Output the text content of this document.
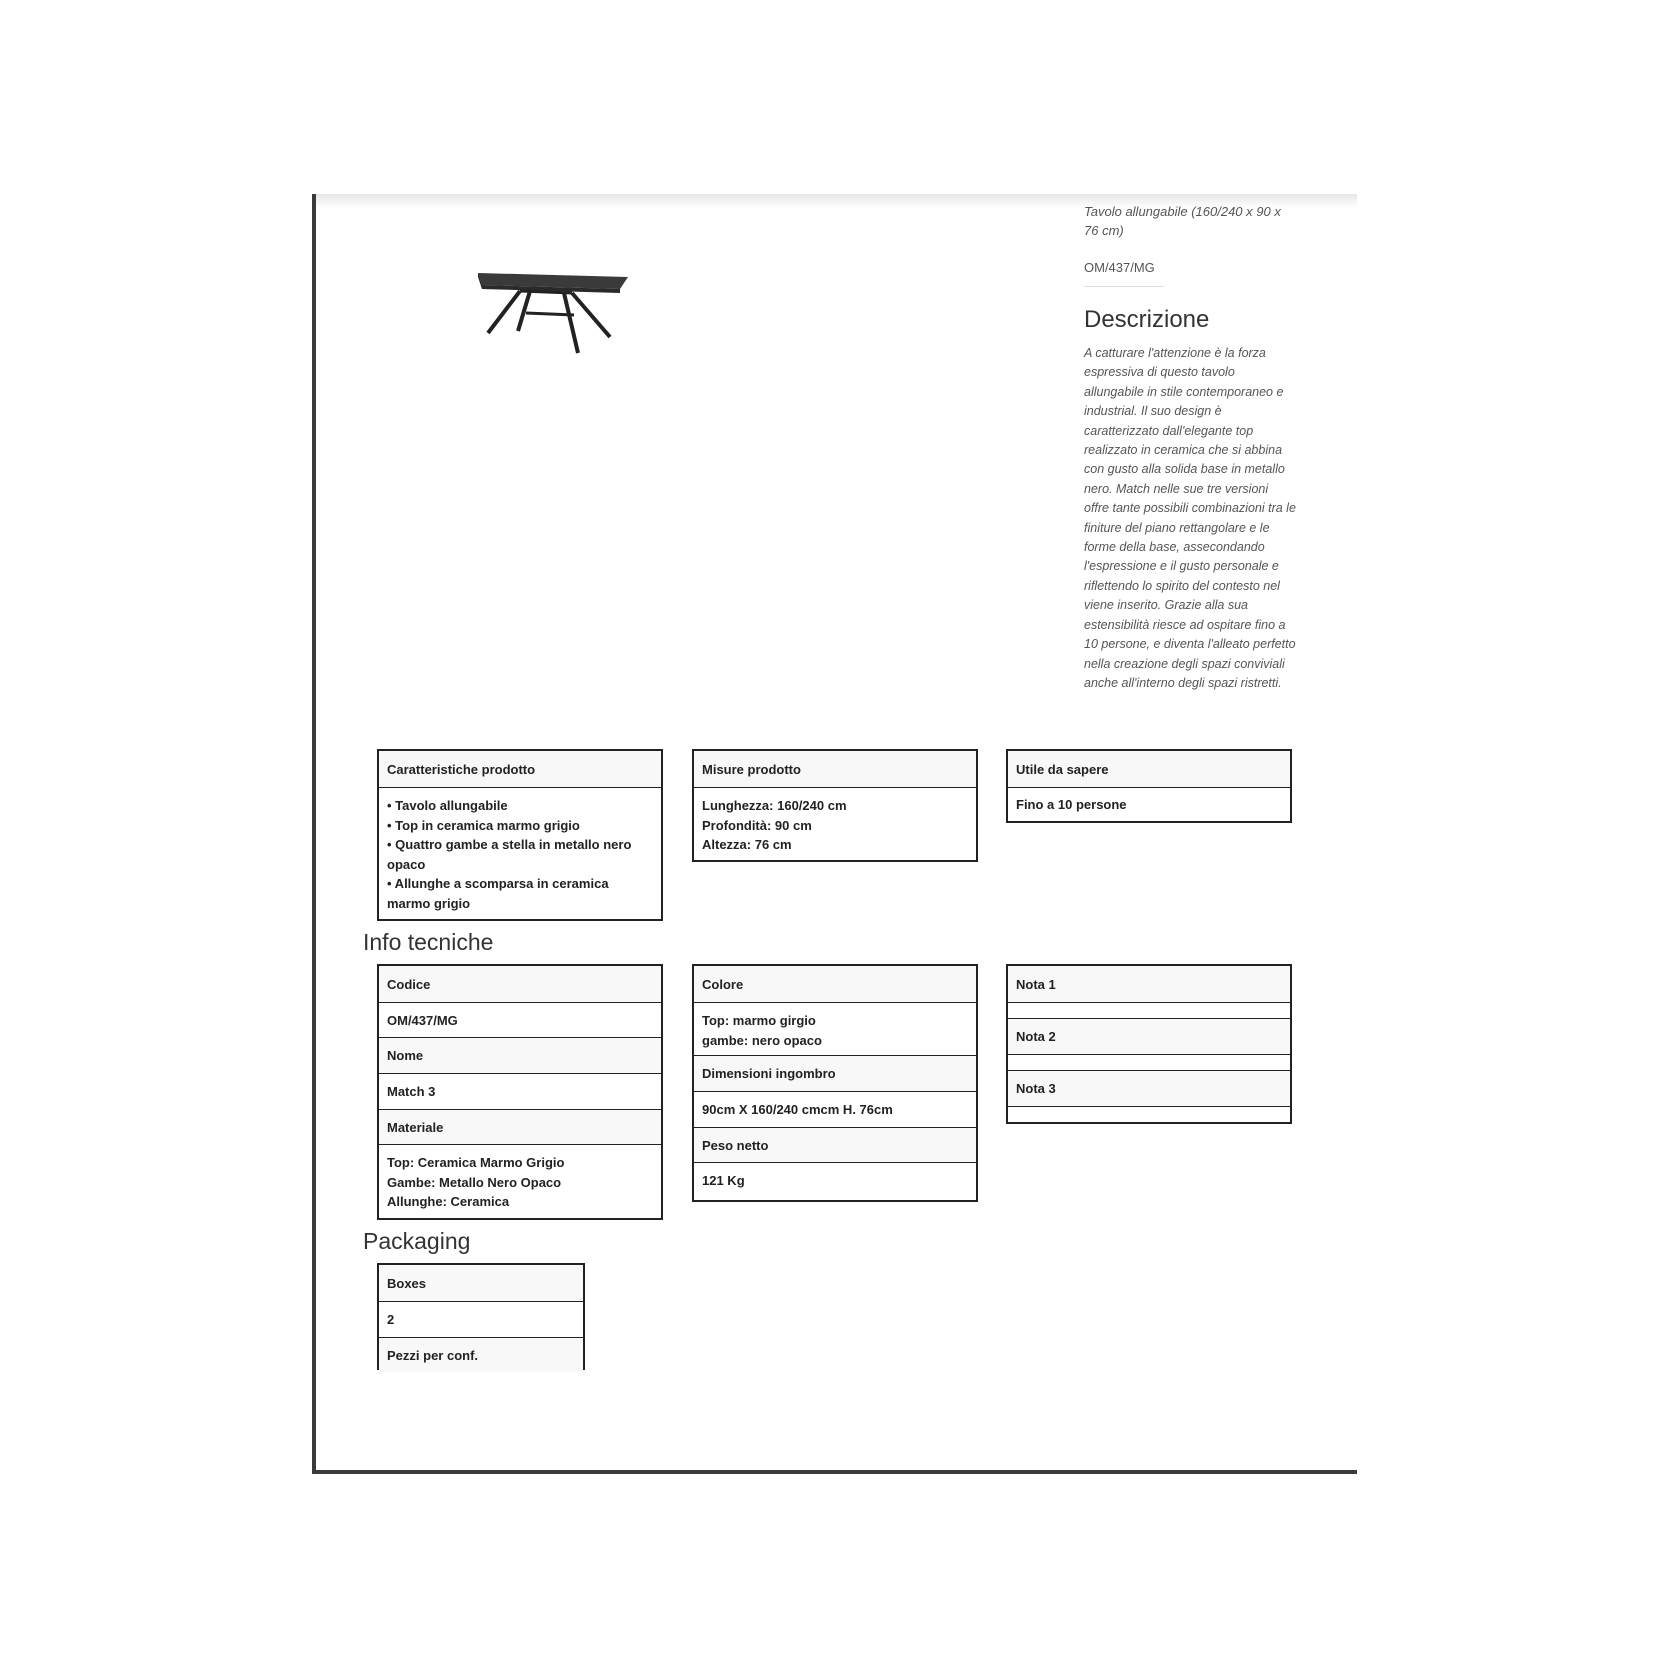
Tavolo allungabile (160/240 x 90 x 76 cm)
OM/437/MG
Descrizione
A catturare l'attenzione è la forza espressiva di questo tavolo allungabile in stile contemporaneo e industrial. Il suo design è caratterizzato dall'elegante top realizzato in ceramica che si abbina con gusto alla solida base in metallo nero. Match nelle sue tre versioni offre tante possibili combinazioni tra le finiture del piano rettangolare e le forme della base, assecondando l'espressione e il gusto personale e riflettendo lo spirito del contesto nel viene inserito. Grazie alla sua estensibilità riesce ad ospitare fino a 10 persone, e diventa l'alleato perfetto nella creazione degli spazi conviviali anche all'interno degli spazi ristretti.
Caratteristiche prodotto
• Tavolo allungabile
• Top in ceramica marmo grigio
• Quattro gambe a stella in metallo nero opaco
• Allunghe a scomparsa in ceramica marmo grigio
Misure prodotto
Lunghezza: 160/240 cm
Profondità: 90 cm
Altezza: 76 cm
Utile da sapere
Fino a 10 persone
Info tecniche
Codice
OM/437/MG
Nome
Match 3
Materiale
Top: Ceramica Marmo Grigio
Gambe: Metallo Nero Opaco
Allunghe: Ceramica
Colore
Top: marmo girgio
gambe: nero opaco
Dimensioni ingombro
90cm X 160/240 cmcm H. 76cm
Peso netto
121 Kg
Nota 1
Nota 2
Nota 3
Packaging
Boxes
2
Pezzi per conf.
